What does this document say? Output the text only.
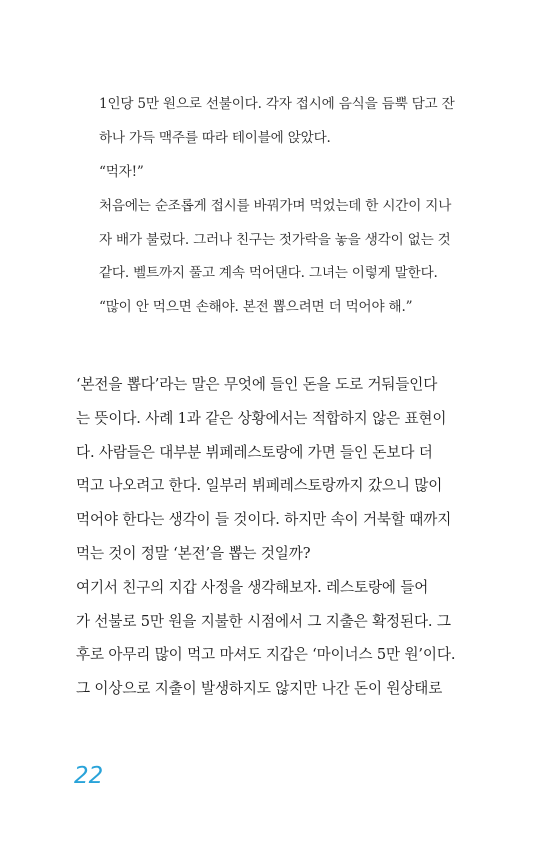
1인당 5만 원으로 선불이다. 각자 접시에 음식을 듬뿍 담고 잔
하나 가득 맥주를 따라 테이블에 앉았다.
“먹자!”
처음에는 순조롭게 접시를 바꿔가며 먹었는데 한 시간이 지나
자 배가 불렀다. 그러나 친구는 젓가락을 놓을 생각이 없는 것
같다. 벨트까지 풀고 계속 먹어댄다. 그녀는 이렇게 말한다.
“많이 안 먹으면 손해야. 본전 뽑으려면 더 먹어야 해.”
‘본전을 뽑다’라는 말은 무엇에 들인 돈을 도로 거둬들인다
는 뜻이다. 사례 1과 같은 상황에서는 적합하지 않은 표현이
다. 사람들은 대부분 뷔페레스토랑에 가면 들인 돈보다 더
먹고 나오려고 한다. 일부러 뷔페레스토랑까지 갔으니 많이
먹어야 한다는 생각이 들 것이다. 하지만 속이 거북할 때까지
먹는 것이 정말 ‘본전’을 뽑는 것일까?
여기서 친구의 지갑 사정을 생각해보자. 레스토랑에 들어
가 선불로 5만 원을 지불한 시점에서 그 지출은 확정된다. 그
후로 아무리 많이 먹고 마셔도 지갑은 ‘마이너스 5만 원’이다.
그 이상으로 지출이 발생하지도 않지만 나간 돈이 원상태로
22
